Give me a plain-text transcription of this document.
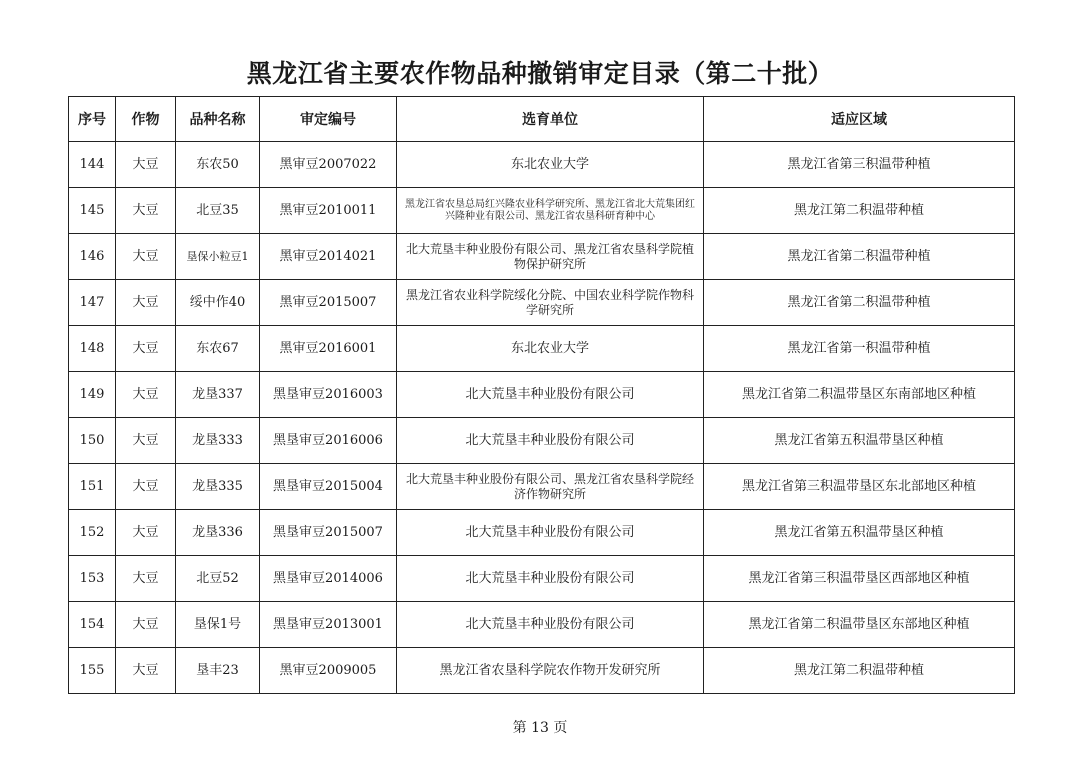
黑龙江省主要农作物品种撤销审定目录（第二十批）
序号	作物	品种名称	审定编号	选育单位	适应区域
144	大豆	东农50	黑审豆2007022	东北农业大学	黑龙江省第三积温带种植
145	大豆	北豆35	黑审豆2010011	黑龙江省农垦总局红兴隆农业科学研究所、黑龙江省北大荒集团红兴隆种业有限公司、黑龙江省农垦科研育种中心	黑龙江第二积温带种植
146	大豆	垦保小粒豆1	黑审豆2014021	北大荒垦丰种业股份有限公司、黑龙江省农垦科学院植物保护研究所	黑龙江省第二积温带种植
147	大豆	绥中作40	黑审豆2015007	黑龙江省农业科学院绥化分院、中国农业科学院作物科学研究所	黑龙江省第二积温带种植
148	大豆	东农67	黑审豆2016001	东北农业大学	黑龙江省第一积温带种植
149	大豆	龙垦337	黑垦审豆2016003	北大荒垦丰种业股份有限公司	黑龙江省第二积温带垦区东南部地区种植
150	大豆	龙垦333	黑垦审豆2016006	北大荒垦丰种业股份有限公司	黑龙江省第五积温带垦区种植
151	大豆	龙垦335	黑垦审豆2015004	北大荒垦丰种业股份有限公司、黑龙江省农垦科学院经济作物研究所	黑龙江省第三积温带垦区东北部地区种植
152	大豆	龙垦336	黑垦审豆2015007	北大荒垦丰种业股份有限公司	黑龙江省第五积温带垦区种植
153	大豆	北豆52	黑垦审豆2014006	北大荒垦丰种业股份有限公司	黑龙江省第三积温带垦区西部地区种植
154	大豆	垦保1号	黑垦审豆2013001	北大荒垦丰种业股份有限公司	黑龙江省第二积温带垦区东部地区种植
155	大豆	垦丰23	黑审豆2009005	黑龙江省农垦科学院农作物开发研究所	黑龙江第二积温带种植
第 13 页
